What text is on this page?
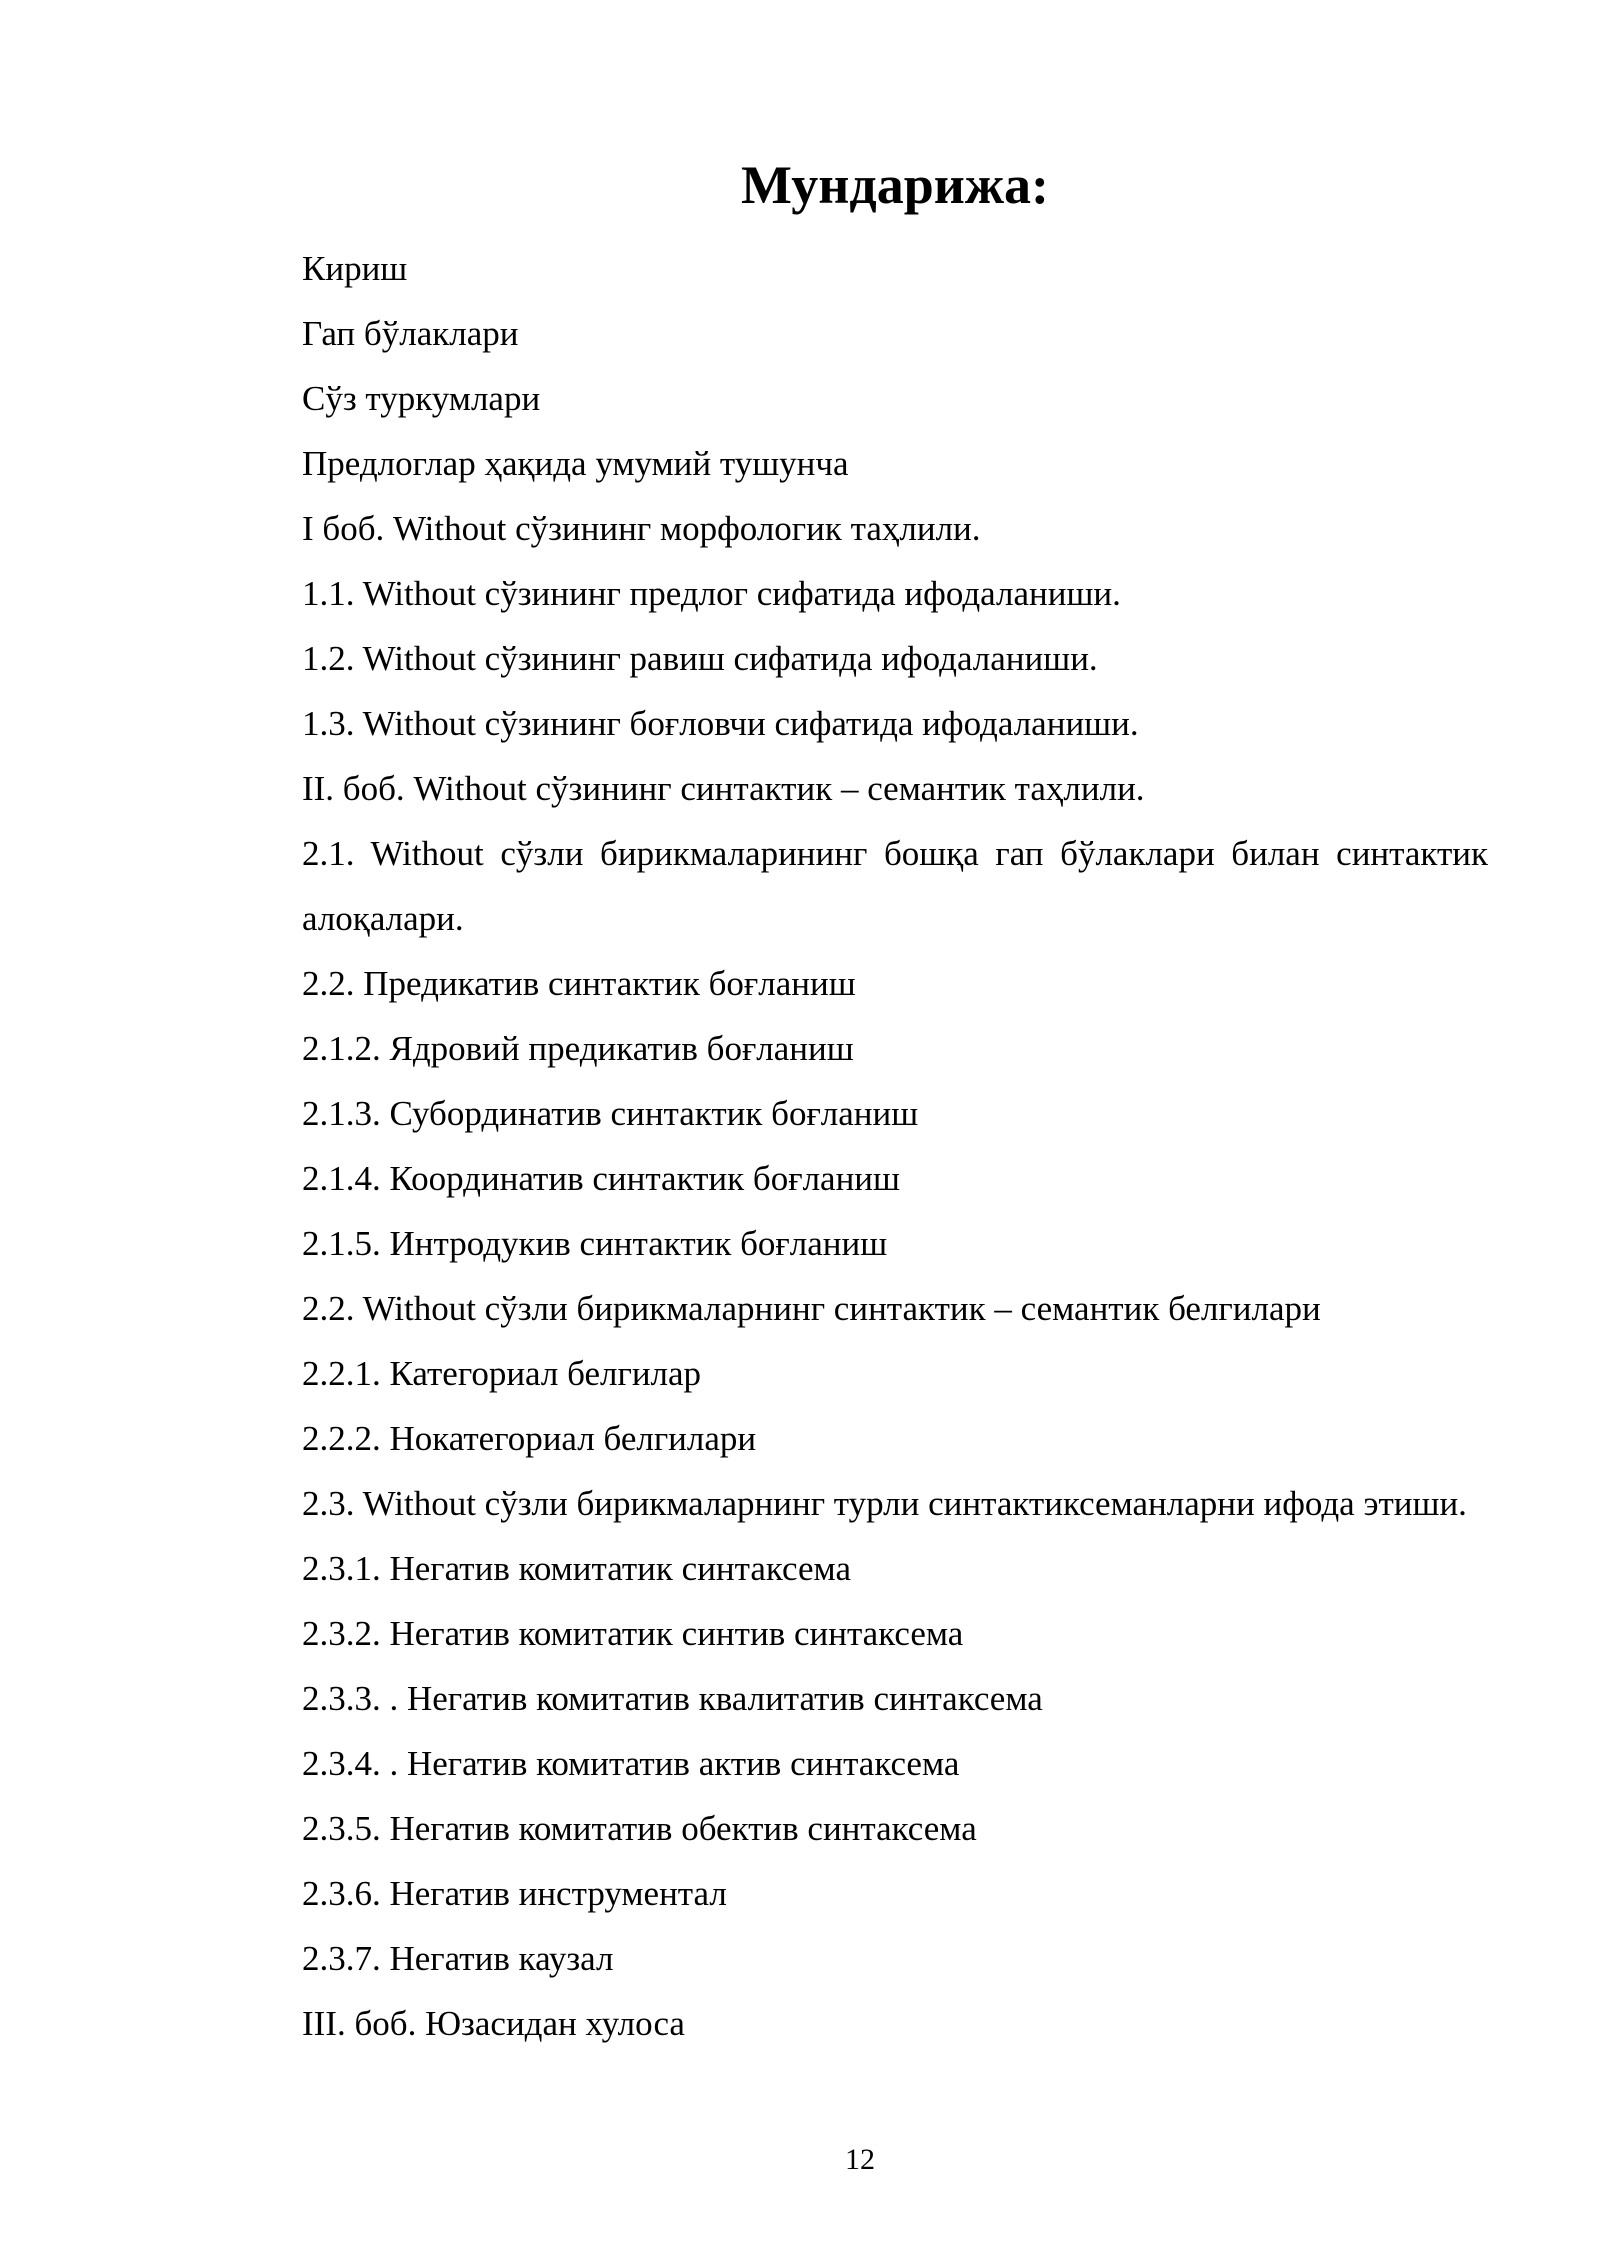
Мундарижа:
Кириш
Гап бўлаклари
Сўз туркумлари
Предлоглар ҳақида умумий тушунча
I боб. Without сўзининг морфологик таҳлили.
1.1. Without сўзининг предлог сифатида ифодаланиши.
1.2. Without сўзининг равиш сифатида ифодаланиши.
1.3. Without сўзининг боғловчи сифатида ифодаланиши.
II. боб. Without сўзининг синтактик – семантик таҳлили.
2.1. Without сўзли бирикмаларининг бошқа гап бўлаклари билан синтактик алоқалари.
2.2. Предикатив синтактик боғланиш
2.1.2. Ядровий предикатив боғланиш
2.1.3. Субординатив синтактик боғланиш
2.1.4. Координатив синтактик боғланиш
2.1.5. Интродукив синтактик боғланиш
2.2. Without сўзли бирикмаларнинг синтактик – семантик белгилари
2.2.1. Категориал белгилар
2.2.2. Нокатегориал белгилари
2.3. Without сўзли бирикмаларнинг турли синтактиксеманларни ифода этиши.
2.3.1. Негатив комитатик синтаксема
2.3.2. Негатив комитатик синтив синтаксема
2.3.3. . Негатив комитатив квалитатив синтаксема
2.3.4. . Негатив комитатив актив синтаксема
2.3.5. Негатив комитатив обектив синтаксема
2.3.6. Негатив инструментал
2.3.7. Негатив каузал
III. боб. Юзасидан хулоса
12
